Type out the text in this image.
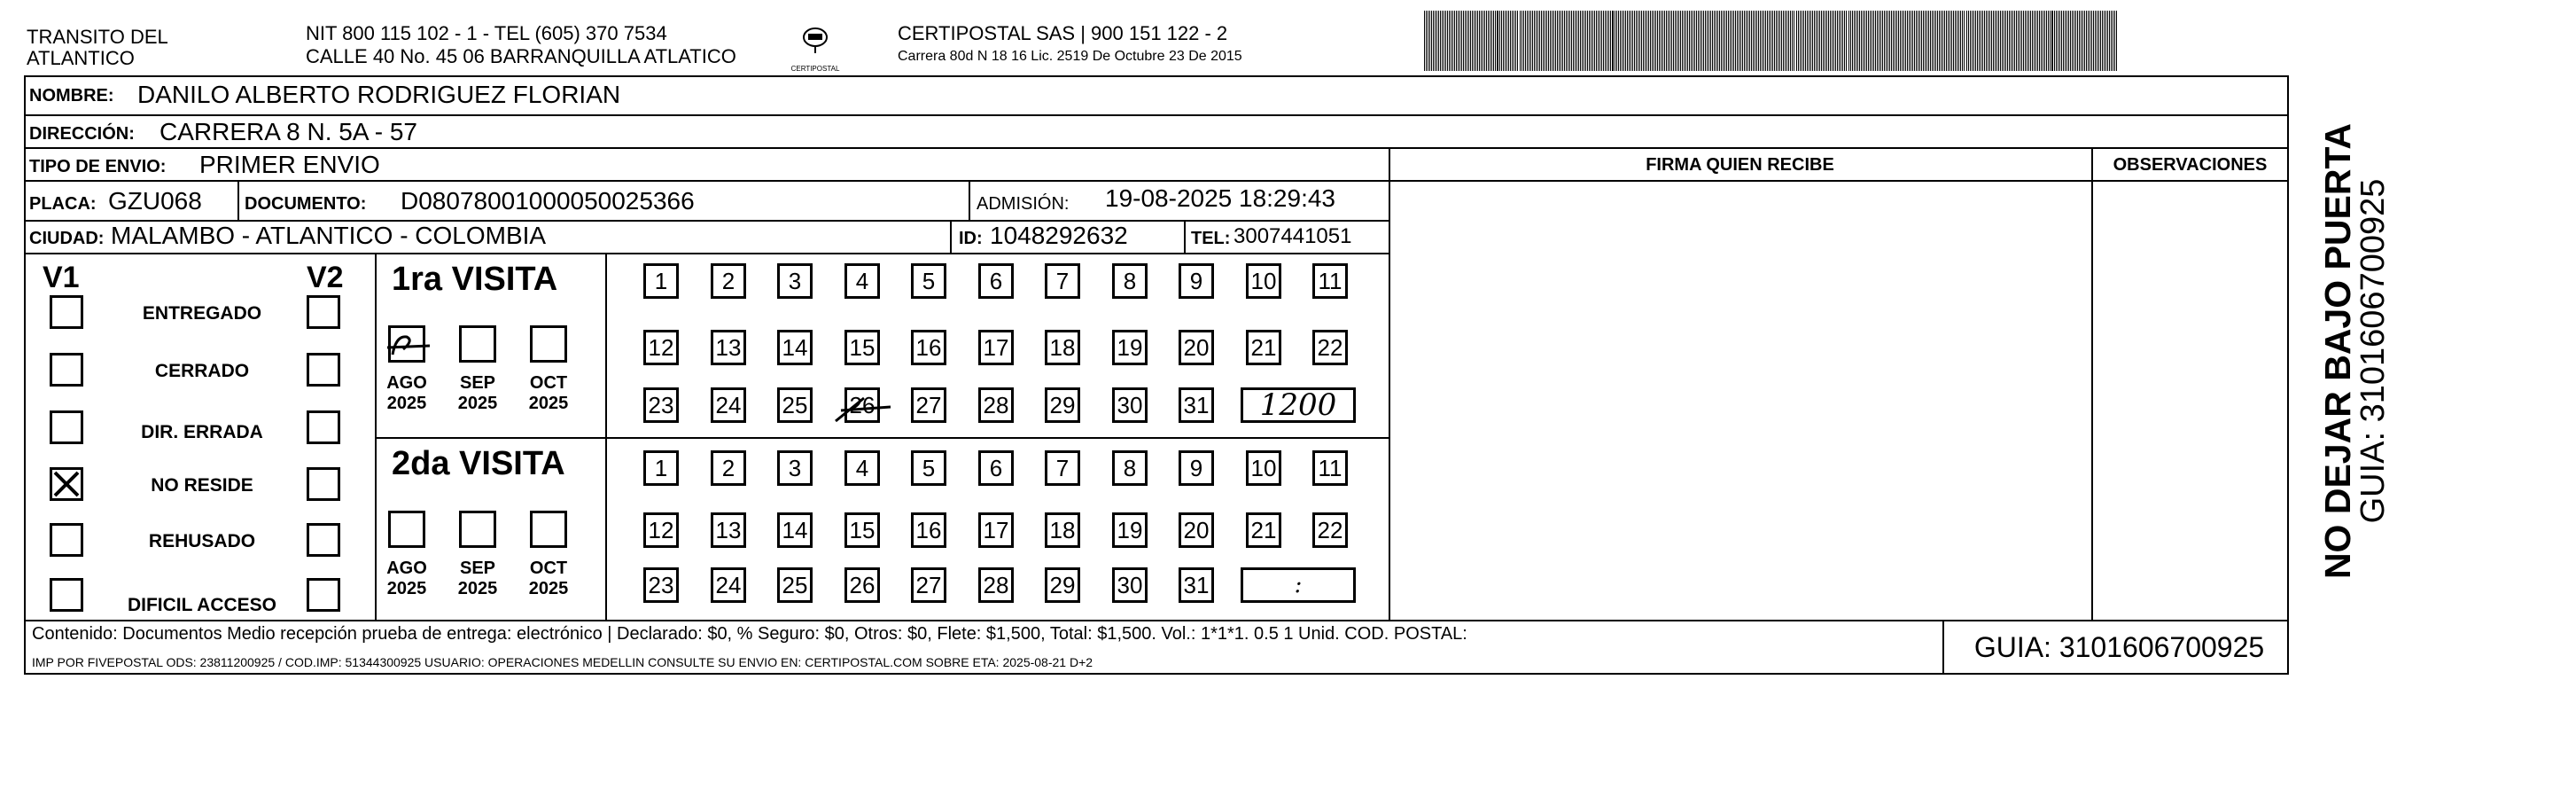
TRANSITO DEL
ATLANTICO
NIT 800 115 102 - 1 - TEL (605) 370 7534
CALLE 40 No. 45 06 BARRANQUILLA ATLATICO
CERTIPOSTAL
CERTIPOSTAL SAS | 900 151 122 - 2
Carrera 80d N 18 16 Lic. 2519 De Octubre 23 De 2015
NOMBRE: DANILO ALBERTO RODRIGUEZ FLORIAN
DIRECCIÓN: CARRERA 8 N. 5A - 57
TIPO DE ENVIO: PRIMER ENVIO
PLACA: GZU068 DOCUMENTO: D08078001000050025366	ADMISIÓN: 19-08-2025 18:29:43
CIUDAD: MALAMBO - ATLANTICO - COLOMBIA	ID: 1048292632	TEL: 3007441051
FIRMA QUIEN RECIBE	OBSERVACIONES
V1	V2
ENTREGADO
CERRADO
DIR. ERRADA
NO RESIDE
REHUSADO
DIFICIL ACCESO
1ra VISITA
2da VISITA
AGO
2025
SEP
2025
OCT
2025
AGO
2025
SEP
2025
OCT
2025
1	2	3	4	5	6	7	8	9	10 11
12 13 14 15 16 17 18 19 20 21 22
23 24 25 26 27 28 29 30 31	1200
1	2	3	4	5	6	7	8	9	10 11
12 13 14 15 16 17 18 19 20 21 22
23 24 25 26 27 28 29 30 31	:
Contenido: Documentos Medio recepción prueba de entrega: electrónico | Declarado: $0, % Seguro: $0, Otros: $0, Flete: $1,500, Total: $1,500. Vol.: 1*1*1. 0.5 1 Unid. COD. POSTAL:
IMP POR FIVEPOSTAL ODS: 23811200925 / COD.IMP: 51344300925 USUARIO: OPERACIONES MEDELLIN CONSULTE SU ENVIO EN: CERTIPOSTAL.COM SOBRE ETA: 2025-08-21 D+2	GUIA: 3101606700925
NO DEJAR BAJO PUERTA
GUIA: 3101606700925
